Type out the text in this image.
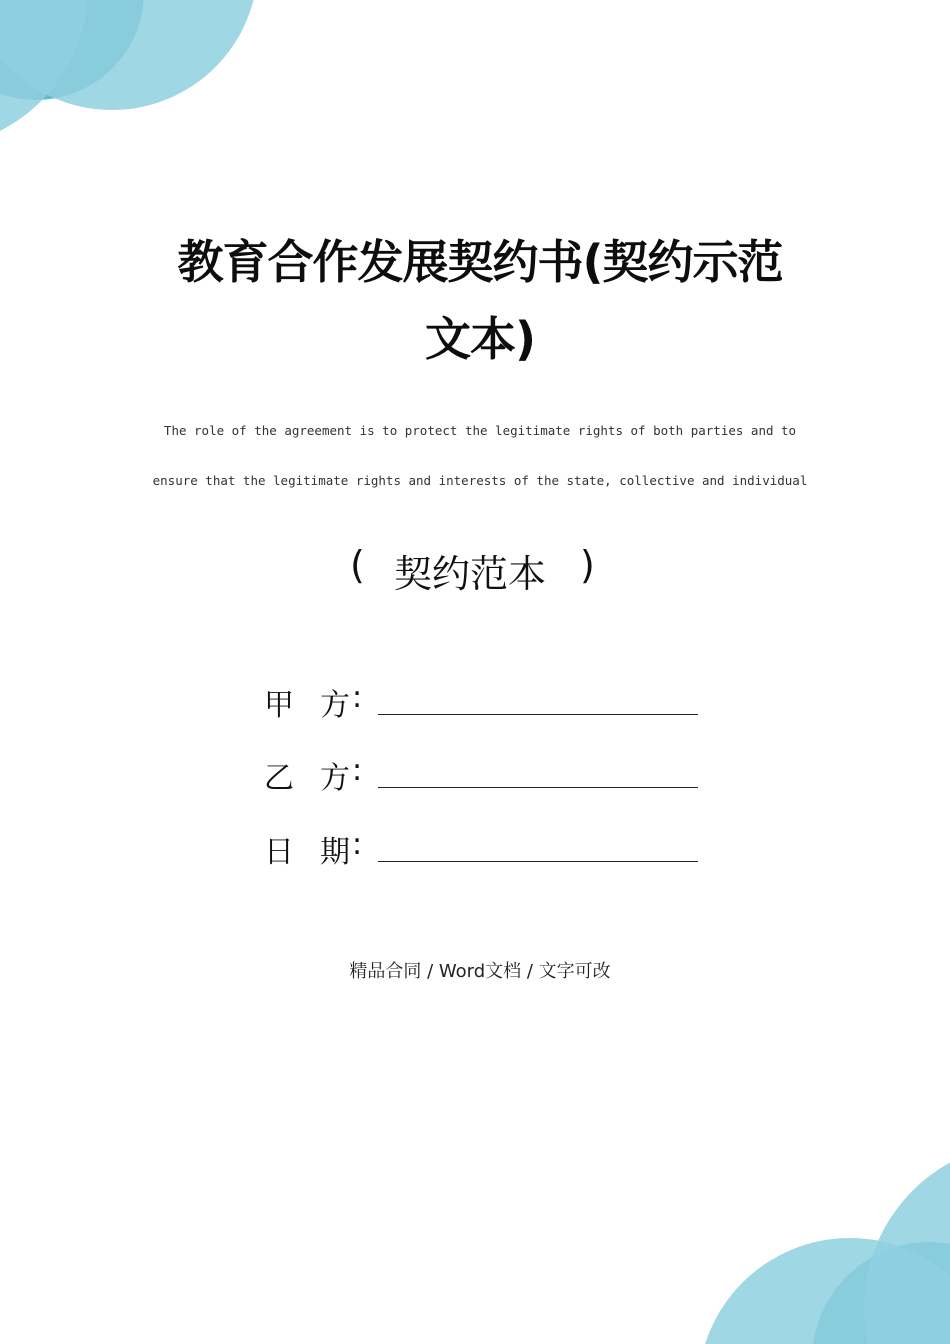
教育合作发展契约书(契约示范
文本)
The role of the agreement is to protect the legitimate rights of both parties and to
ensure that the legitimate rights and interests of the state, collective and individual
( 契约范本 )
甲 方 :
乙 方 :
日 期 :
精品合同 / Word文档 / 文字可改
